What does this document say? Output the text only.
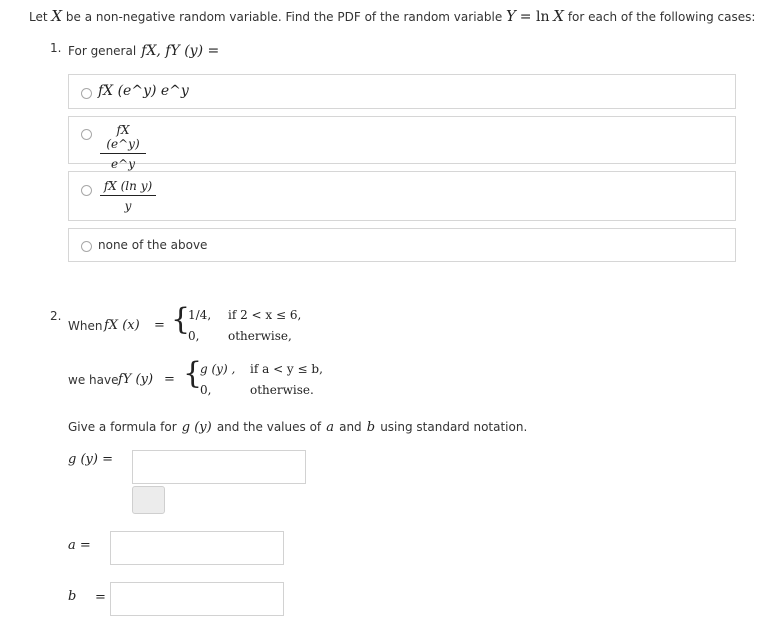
Let X be a non-negative random variable. Find the PDF of the random variable Y = ln X for each of the following cases:
1. For general fX, fY (y) =
fX (e^y) e^y
fX (e^y)
e^y
fX (ln y)
y
none of the above
2.
When fX (x) = {
1/4, if 2 < x ≤ 6,
0, otherwise,
we have fY (y) = {
g (y) , if a < y ≤ b,
0,	otherwise.
Give a formula for g (y) and the values of a and b using standard notation.
g (y) =
a =
b =
